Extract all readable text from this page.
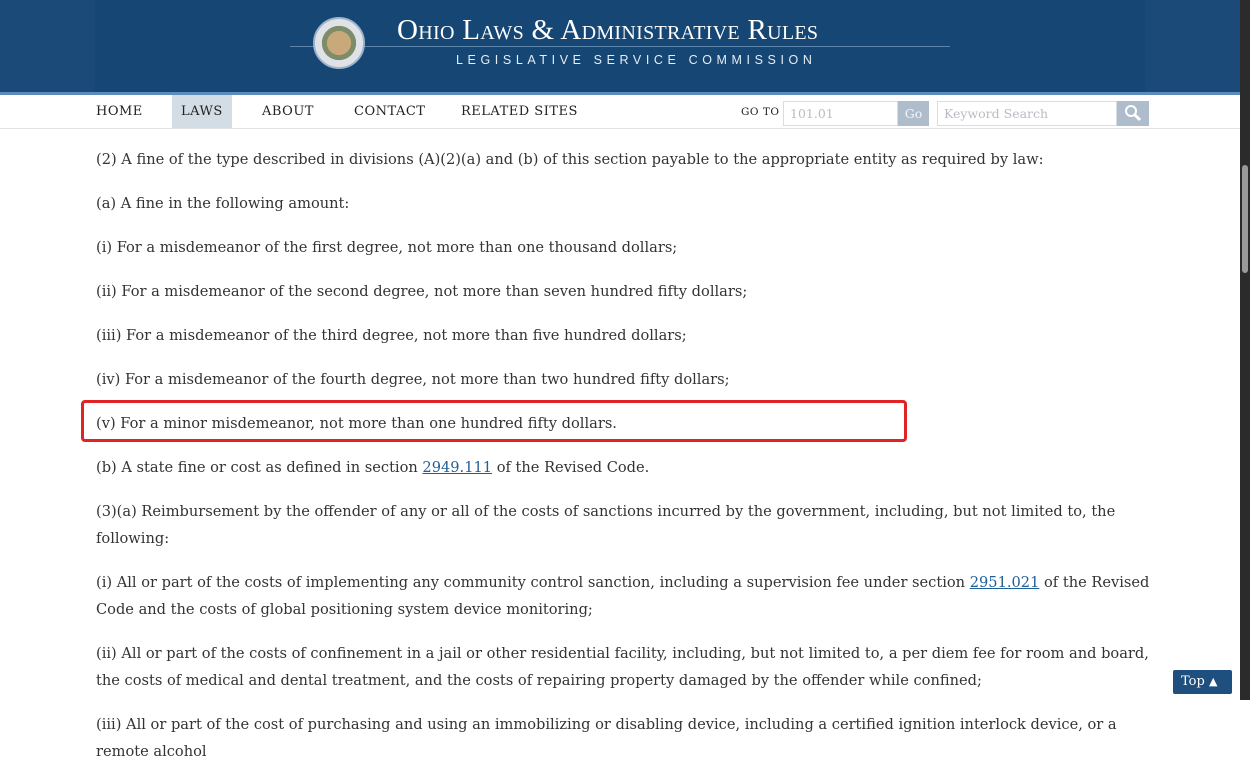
Ohio Laws & Administrative Rules
LEGISLATIVE SERVICE COMMISSION
HOME	LAWS	ABOUT	CONTACT	RELATED SITES	GO TO 101.01	Go	Keyword Search

(2) A fine of the type described in divisions (A)(2)(a) and (b) of this section payable to the appropriate entity as required by law:

(a) A fine in the following amount:

(i) For a misdemeanor of the first degree, not more than one thousand dollars;

(ii) For a misdemeanor of the second degree, not more than seven hundred fifty dollars;

(iii) For a misdemeanor of the third degree, not more than five hundred dollars;

(iv) For a misdemeanor of the fourth degree, not more than two hundred fifty dollars;

(v) For a minor misdemeanor, not more than one hundred fifty dollars.

(b) A state fine or cost as defined in section 2949.111 of the Revised Code.

(3)(a) Reimbursement by the offender of any or all of the costs of sanctions incurred by the government, including, but not limited to, the following:

(i) All or part of the costs of implementing any community control sanction, including a supervision fee under section 2951.021 of the Revised Code and the costs of global positioning system device monitoring;

(ii) All or part of the costs of confinement in a jail or other residential facility, including, but not limited to, a per diem fee for room and board, the costs of medical and dental treatment, and the costs of repairing property damaged by the offender while confined;

(iii) All or part of the cost of purchasing and using an immobilizing or disabling device, including a certified ignition interlock device, or a remote alcohol

Top ▲
